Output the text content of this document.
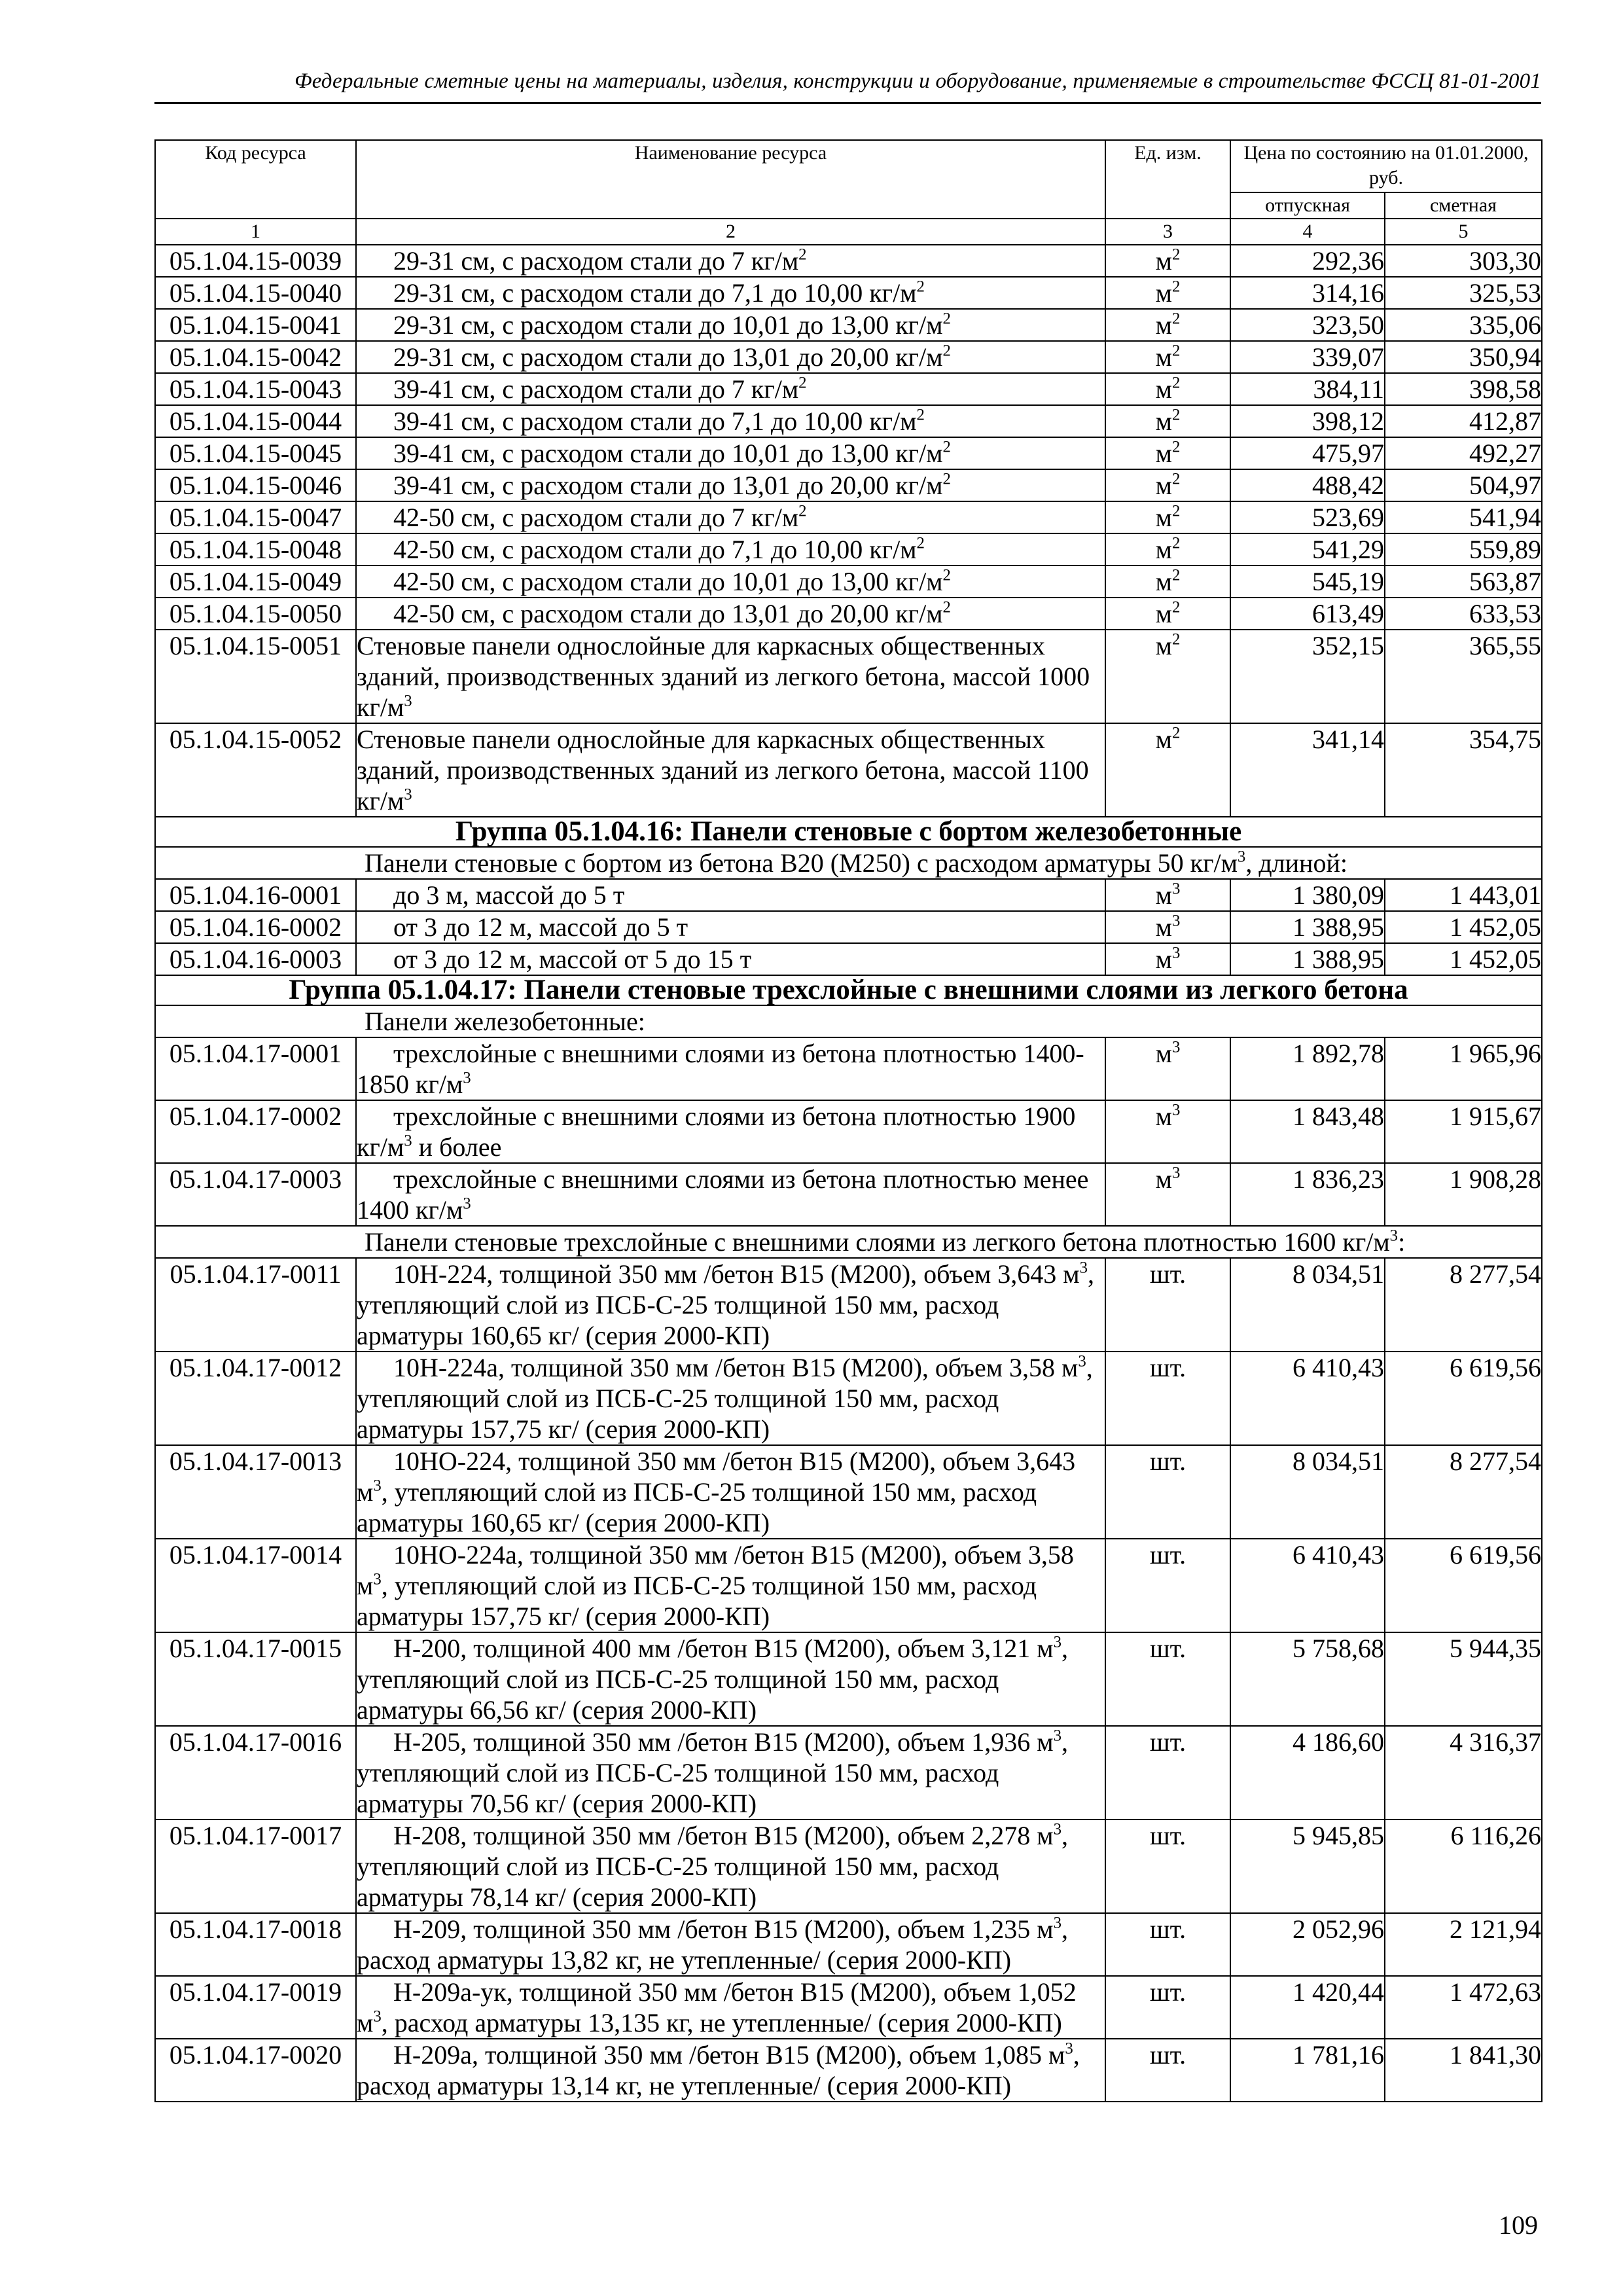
Федеральные сметные цены на материалы, изделия, конструкции и оборудование, применяемые в строительстве ФССЦ 81-01-2001
Код ресурса	Наименование ресурса	Ед. изм.	Цена по состоянию на 01.01.2000, руб.	
			отпускная	сметная
1	2	3	4	5
05.1.04.15-0039	29-31 см, с расходом стали до 7 $кг/м^2$	$м^2$	292,36	303,30
05.1.04.15-0040	29-31 см, с расходом стали до 7,1 до 10,00 $кг/м^2$	$м^2$	314,16	325,53
05.1.04.15-0041	29-31 см, с расходом стали до 10,01 до 13,00 $кг/м^2$	$м^2$	323,50	335,06
05.1.04.15-0042	29-31 см, с расходом стали до 13,01 до 20,00 $кг/м^2$	$м^2$	339,07	350,94
05.1.04.15-0043	39-41 см, с расходом стали до 7 $кг/м^2$	$м^2$	384,11	398,58
05.1.04.15-0044	39-41 см, с расходом стали до 7,1 до 10,00 $кг/м^2$	$м^2$	398,12	412,87
05.1.04.15-0045	39-41 см, с расходом стали до 10,01 до 13,00 $кг/м^2$	$м^2$	475,97	492,27
05.1.04.15-0046	39-41 см, с расходом стали до 13,01 до 20,00 $кг/м^2$	$м^2$	488,42	504,97
05.1.04.15-0047	42-50 см, с расходом стали до 7 $кг/м^2$	$м^2$	523,69	541,94
05.1.04.15-0048	42-50 см, с расходом стали до 7,1 до 10,00 $кг/м^2$	$м^2$	541,29	559,89
05.1.04.15-0049	42-50 см, с расходом стали до 10,01 до 13,00 $кг/м^2$	$м^2$	545,19	563,87
05.1.04.15-0050	42-50 см, с расходом стали до 13,01 до 20,00 $кг/м^2$	$м^2$	613,49	633,53
05.1.04.15-0051	Стеновые панели однослойные для каркасных общественных зданий, производственных зданий из легкого бетона, массой 1000 $кг/м^3$	$м^2$	352,15	365,55
05.1.04.15-0052	Стеновые панели однослойные для каркасных общественных зданий, производственных зданий из легкого бетона, массой 1100 $кг/м^3$	$м^2$	341,14	354,75
Группа 05.1.04.16: Панели стеновые с бортом железобетонные				
Панели стеновые с бортом из бетона В20 (М250) с расходом арматуры 50 $кг/м^3$, длиной:				
05.1.04.16-0001	до 3 м, массой до 5 т	$м^3$	1 380,09	1 443,01
05.1.04.16-0002	от 3 до 12 м, массой до 5 т	$м^3$	1 388,95	1 452,05
05.1.04.16-0003	от 3 до 12 м, массой от 5 до 15 т	$м^3$	1 388,95	1 452,05
Группа 05.1.04.17: Панели стеновые трехслойные с внешними слоями из легкого бетона				
Панели железобетонные:				
05.1.04.17-0001	трехслойные с внешними слоями из бетона плотностью 1400- 1850 $кг/м^3$	$м^3$	1 892,78	1 965,96
05.1.04.17-0002	трехслойные с внешними слоями из бетона плотностью 1900 $кг/м^3$ и более	$м^3$	1 843,48	1 915,67
05.1.04.17-0003	трехслойные с внешними слоями из бетона плотностью менее 1400 $кг/м^3$	$м^3$	1 836,23	1 908,28
Панели стеновые трехслойные с внешними слоями из легкого бетона плотностью 1600 $кг/м^3$:				
05.1.04.17-0011	10Н-224, толщиной 350 мм /бетон В15 (М200), объем 3,643 $м^3$, утепляющий слой из ПСБ-С-25 толщиной 150 мм, расход арматуры 160,65 кг/ (серия 2000-КП)	шт.	8 034,51	8 277,54
05.1.04.17-0012	10Н-224а, толщиной 350 мм /бетон В15 (М200), объем 3,58 $м^3$, утепляющий слой из ПСБ-С-25 толщиной 150 мм, расход арматуры 157,75 кг/ (серия 2000-КП)	шт.	6 410,43	6 619,56
05.1.04.17-0013	10НО-224, толщиной 350 мм /бетон В15 (М200), объем 3,643 $м^3$, утепляющий слой из ПСБ-С-25 толщиной 150 мм, расход арматуры 160,65 кг/ (серия 2000-КП)	шт.	8 034,51	8 277,54
05.1.04.17-0014	10НО-224а, толщиной 350 мм /бетон В15 (М200), объем 3,58 $м^3$, утепляющий слой из ПСБ-С-25 толщиной 150 мм, расход арматуры 157,75 кг/ (серия 2000-КП)	шт.	6 410,43	6 619,56
05.1.04.17-0015	Н-200, толщиной 400 мм /бетон В15 (М200), объем 3,121 $м^3$, утепляющий слой из ПСБ-С-25 толщиной 150 мм, расход арматуры 66,56 кг/ (серия 2000-КП)	шт.	5 758,68	5 944,35
05.1.04.17-0016	Н-205, толщиной 350 мм /бетон В15 (М200), объем 1,936 $м^3$, утепляющий слой из ПСБ-С-25 толщиной 150 мм, расход арматуры 70,56 кг/ (серия 2000-КП)	шт.	4 186,60	4 316,37
05.1.04.17-0017	Н-208, толщиной 350 мм /бетон В15 (М200), объем 2,278 $м^3$, утепляющий слой из ПСБ-С-25 толщиной 150 мм, расход арматуры 78,14 кг/ (серия 2000-КП)	шт.	5 945,85	6 116,26
05.1.04.17-0018	Н-209, толщиной 350 мм /бетон В15 (М200), объем 1,235 $м^3$, расход арматуры 13,82 кг, не утепленные/ (серия 2000-КП)	шт.	2 052,96	2 121,94
05.1.04.17-0019	Н-209а-ук, толщиной 350 мм /бетон В15 (М200), объем 1,052 $м^3$, расход арматуры 13,135 кг, не утепленные/ (серия 2000-КП)	шт.	1 420,44	1 472,63
05.1.04.17-0020	Н-209а, толщиной 350 мм /бетон В15 (М200), объем 1,085 $м^3$, расход арматуры 13,14 кг, не утепленные/ (серия 2000-КП)	шт.	1 781,16	1 841,30
109
